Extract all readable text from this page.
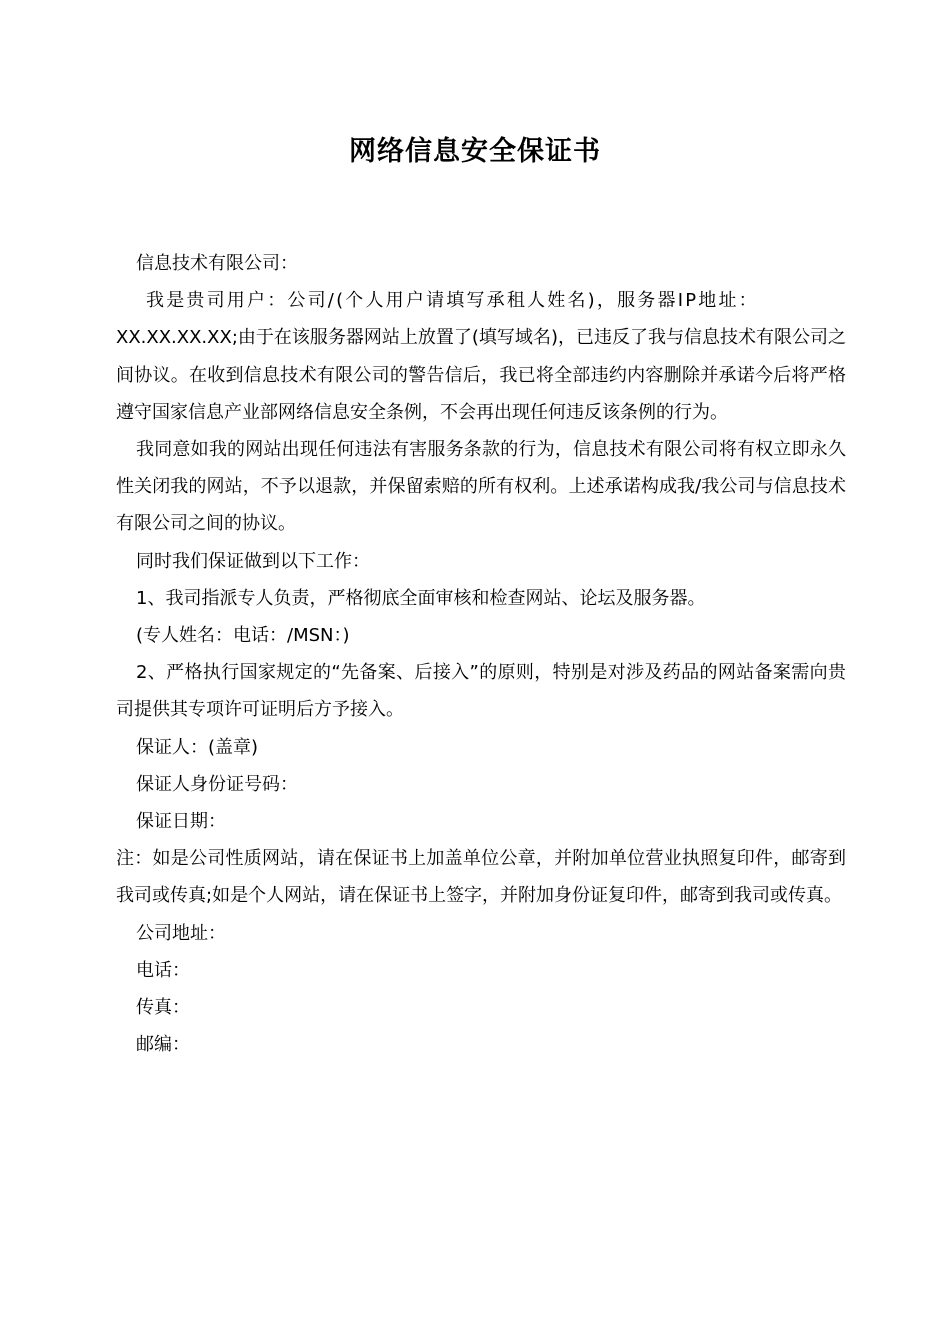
网络信息安全保证书

信息技术有限公司：

我是贵司用户：公司/(个人用户请填写承租人姓名)，服务器IP地址：

XX.XX.XX.XX;由于在该服务器网站上放置了(填写域名)，已违反了我与信息技术有限公司之间协议。在收到信息技术有限公司的警告信后，我已将全部违约内容删除并承诺今后将严格遵守国家信息产业部网络信息安全条例，不会再出现任何违反该条例的行为。

我同意如我的网站出现任何违法有害服务条款的行为，信息技术有限公司将有权立即永久性关闭我的网站，不予以退款，并保留索赔的所有权利。上述承诺构成我/我公司与信息技术有限公司之间的协议。

同时我们保证做到以下工作：

1、我司指派专人负责，严格彻底全面审核和检查网站、论坛及服务器。

(专人姓名：电话：/MSN：)

2、严格执行国家规定的“先备案、后接入”的原则，特别是对涉及药品的网站备案需向贵司提供其专项许可证明后方予接入。

保证人：(盖章)

保证人身份证号码：

保证日期：

注：如是公司性质网站，请在保证书上加盖单位公章，并附加单位营业执照复印件，邮寄到我司或传真;如是个人网站，请在保证书上签字，并附加身份证复印件，邮寄到我司或传真。

公司地址：

电话：

传真：

邮编：
